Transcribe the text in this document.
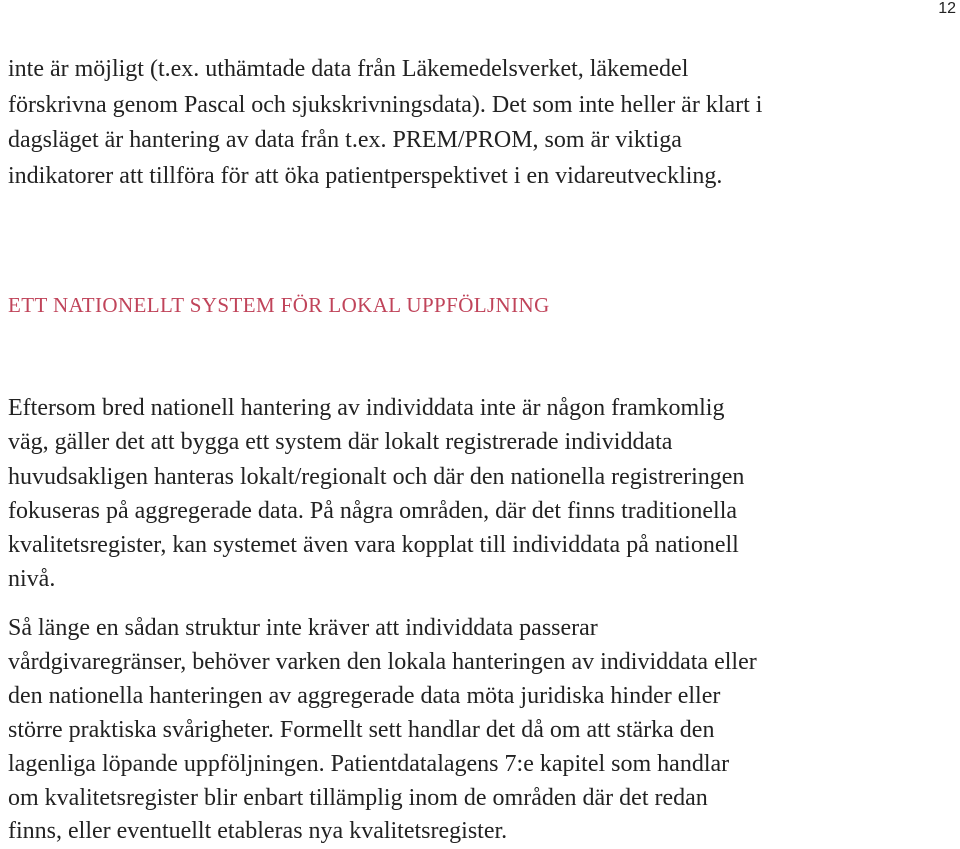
12

inte är möjligt (t.ex. uthämtade data från Läkemedelsverket, läkemedel
förskrivna genom Pascal och sjukskrivningsdata). Det som inte heller är klart i
dagsläget är hantering av data från t.ex. PREM/PROM, som är viktiga
indikatorer att tillföra för att öka patientperspektivet i en vidareutveckling.

ETT NATIONELLT SYSTEM FÖR LOKAL UPPFÖLJNING

Eftersom bred nationell hantering av individdata inte är någon framkomlig
väg, gäller det att bygga ett system där lokalt registrerade individdata
huvudsakligen hanteras lokalt/regionalt och där den nationella registreringen
fokuseras på aggregerade data. På några områden, där det finns traditionella
kvalitetsregister, kan systemet även vara kopplat till individdata på nationell
nivå.

Så länge en sådan struktur inte kräver att individdata passerar
vårdgivaregränser, behöver varken den lokala hanteringen av individdata eller
den nationella hanteringen av aggregerade data möta juridiska hinder eller
större praktiska svårigheter. Formellt sett handlar det då om att stärka den
lagenliga löpande uppföljningen. Patientdatalagens 7:e kapitel som handlar
om kvalitetsregister blir enbart tillämplig inom de områden där det redan
finns, eller eventuellt etableras nya kvalitetsregister.
